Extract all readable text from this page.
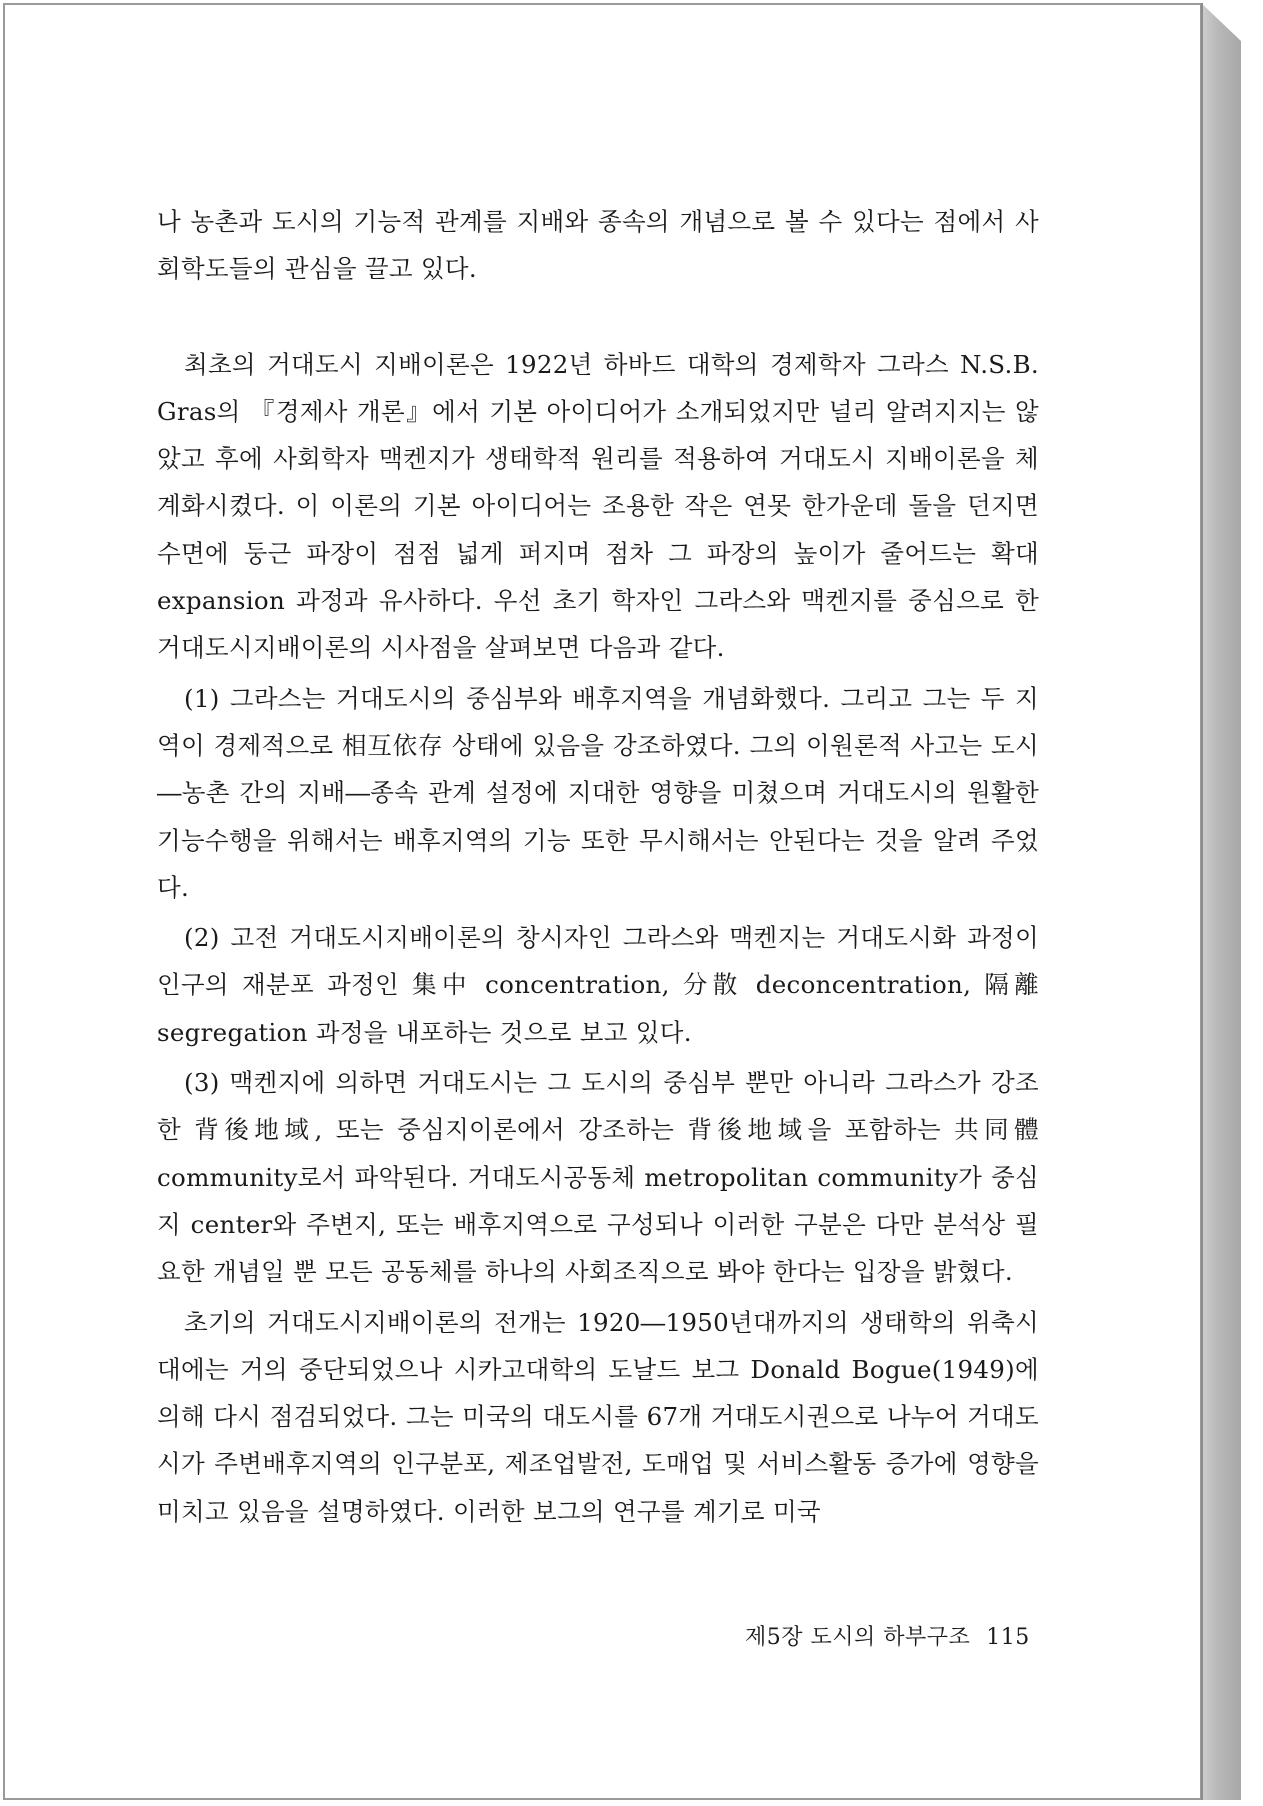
나 농촌과 도시의 기능적 관계를 지배와 종속의 개념으로 볼 수 있다는 점에서 사회학도들의 관심을 끌고 있다.

최초의 거대도시 지배이론은 1922년 하바드 대학의 경제학자 그라스 N.S.B. Gras의 『경제사 개론』에서 기본 아이디어가 소개되었지만 널리 알려지지는 않았고 후에 사회학자 맥켄지가 생태학적 원리를 적용하여 거대도시 지배이론을 체계화시켰다. 이 이론의 기본 아이디어는 조용한 작은 연못 한가운데 돌을 던지면 수면에 둥근 파장이 점점 넓게 퍼지며 점차 그 파장의 높이가 줄어드는 확대 expansion 과정과 유사하다. 우선 초기 학자인 그라스와 맥켄지를 중심으로 한 거대도시지배이론의 시사점을 살펴보면 다음과 같다.

(1) 그라스는 거대도시의 중심부와 배후지역을 개념화했다. 그리고 그는 두 지역이 경제적으로 相互依存 상태에 있음을 강조하였다. 그의 이원론적 사고는 도시―농촌 간의 지배―종속 관계 설정에 지대한 영향을 미쳤으며 거대도시의 원활한 기능수행을 위해서는 배후지역의 기능 또한 무시해서는 안된다는 것을 알려 주었다.

(2) 고전 거대도시지배이론의 창시자인 그라스와 맥켄지는 거대도시화 과정이 인구의 재분포 과정인 集中 concentration, 分散 deconcentration, 隔離 segregation 과정을 내포하는 것으로 보고 있다.

(3) 맥켄지에 의하면 거대도시는 그 도시의 중심부 뿐만 아니라 그라스가 강조한 背後地域, 또는 중심지이론에서 강조하는 背後地域을 포함하는 共同體 community로서 파악된다. 거대도시공동체 metropolitan community가 중심지 center와 주변지, 또는 배후지역으로 구성되나 이러한 구분은 다만 분석상 필요한 개념일 뿐 모든 공동체를 하나의 사회조직으로 봐야 한다는 입장을 밝혔다.

초기의 거대도시지배이론의 전개는 1920―1950년대까지의 생태학의 위축시대에는 거의 중단되었으나 시카고대학의 도날드 보그 Donald Bogue(1949)에 의해 다시 점검되었다. 그는 미국의 대도시를 67개 거대도시권으로 나누어 거대도시가 주변배후지역의 인구분포, 제조업발전, 도매업 및 서비스활동 증가에 영향을 미치고 있음을 설명하였다. 이러한 보그의 연구를 계기로 미국

제5장 도시의 하부구조 115
